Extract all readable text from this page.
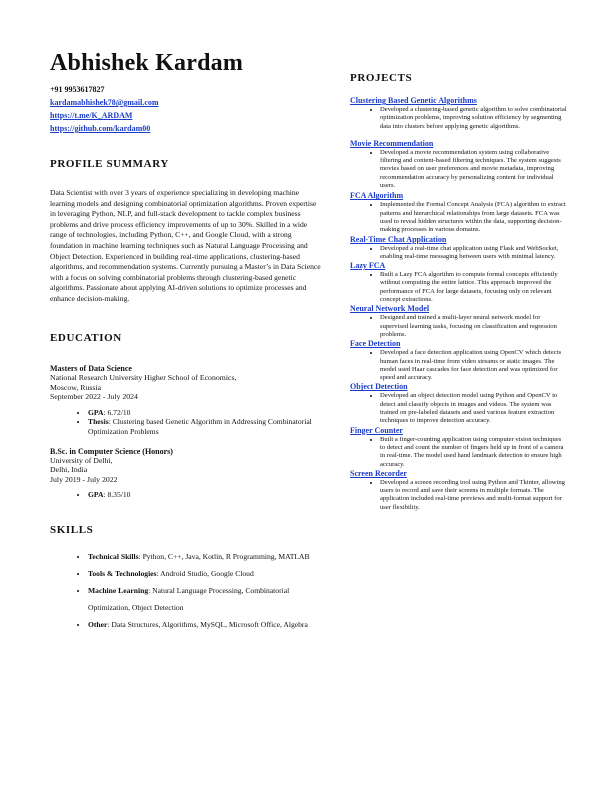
Abhishek Kardam
+91 9953617827
kardamabhishek78@gmail.com
https://t.me/K_ARDAM
https://github.com/kardam00
PROFILE SUMMARY
Data Scientist with over 3 years of experience specializing in developing machine learning models and designing combinatorial optimization algorithms. Proven expertise in leveraging Python, NLP, and full-stack development to tackle complex business problems and drive process efficiency improvements of up to 30%. Skilled in a wide range of technologies, including Python, C++, and Google Cloud, with a strong foundation in machine learning techniques such as Natural Language Processing and Object Detection. Experienced in building real-time applications, clustering-based algorithms, and recommendation systems. Currently pursuing a Master’s in Data Science with a focus on solving combinatorial problems through clustering-based genetic algorithms. Passionate about applying AI-driven solutions to optimize processes and enhance decision-making.
EDUCATION
Masters of Data Science
National Research University Higher School of Economics,
Moscow, Russia
September 2022 - July 2024
• GPA: 6.72/10
• Thesis: Clustering based Genetic Algorithm in Addressing Combinatorial Optimization Problems
B.Sc. in Computer Science (Honors)
University of Delhi,
Delhi, India
July 2019 - July 2022
• GPA: 8.35/10
SKILLS
• Technical Skills: Python, C++, Java, Kotlin, R Programming, MATLAB
• Tools & Technologies: Android Studio, Google Cloud
• Machine Learning: Natural Language Processing, Combinatorial Optimization, Object Detection
• Other: Data Structures, Algorithms, MySQL, Microsoft Office, Algebra
PROJECTS
Clustering Based Genetic Algorithms
• Developed a clustering-based genetic algorithm to solve combinatorial optimization problems, improving solution efficiency by segmenting data into clusters before applying genetic algorithms.
Movie Recommendation
• Developed a movie recommendation system using collaborative filtering and content-based filtering techniques. The system suggests movies based on user preferences and movie metadata, improving recommendation accuracy by personalizing content for individual users.
FCA Algorithm
• Implemented the Formal Concept Analysis (FCA) algorithm to extract patterns and hierarchical relationships from large datasets. FCA was used to reveal hidden structures within the data, supporting decision-making processes in various domains.
Real-Time Chat Application
• Developed a real-time chat application using Flask and WebSocket, enabling real-time messaging between users with minimal latency.
Lazy FCA
• Built a Lazy FCA algorithm to compute formal concepts efficiently without computing the entire lattice. This approach improved the performance of FCA for large datasets, focusing only on relevant concept extractions.
Neural Network Model
• Designed and trained a multi-layer neural network model for supervised learning tasks, focusing on classification and regression problems.
Face Detection
• Developed a face detection application using OpenCV which detects human faces in real-time from video streams or static images. The model used Haar cascades for face detection and was optimized for speed and accuracy.
Object Detection
• Developed an object detection model using Python and OpenCV to detect and classify objects in images and videos. The system was trained on pre-labeled datasets and used various feature extraction techniques to improve detection accuracy.
Finger Counter
• Built a finger-counting application using computer vision techniques to detect and count the number of fingers held up in front of a camera in real-time. The model used hand landmark detection to ensure high accuracy.
Screen Recorder
• Developed a screen recording tool using Python and Tkinter, allowing users to record and save their screens in multiple formats. The application included real-time previews and multi-format support for user flexibility.
